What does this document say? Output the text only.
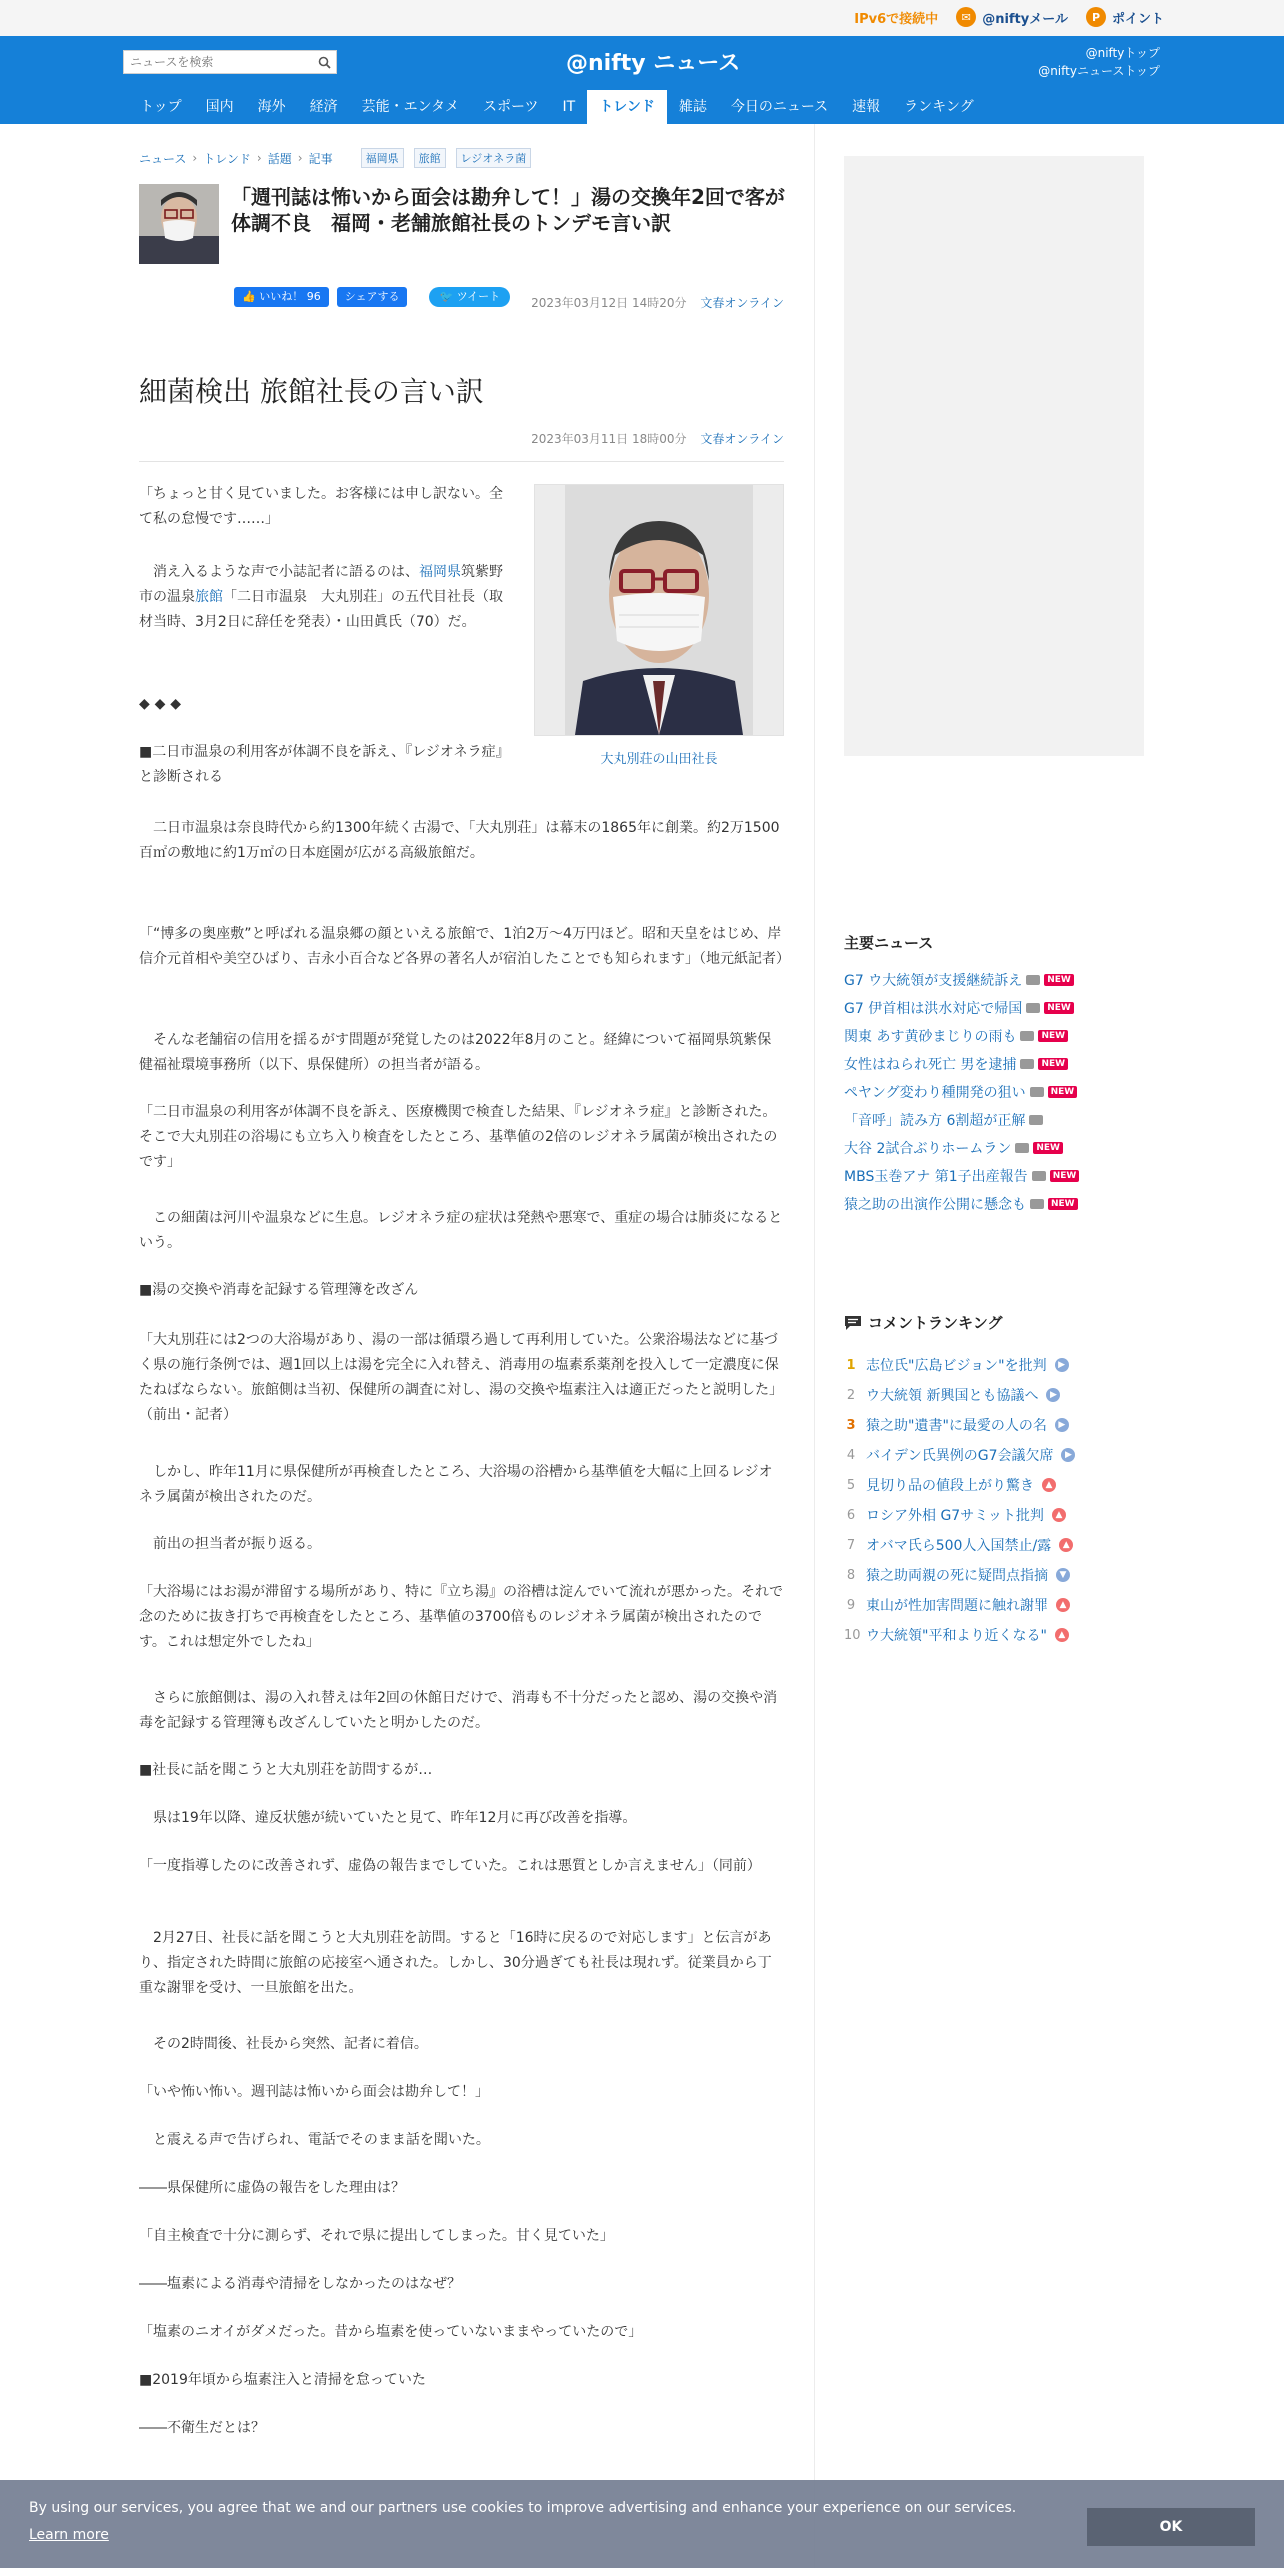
IPv6で接続中	✉ @niftyメール	P ポイント
ニュースを検索
@nifty ニュース	@niftyトップ
@niftyニューストップ
トップ	国内	海外	経済	芸能・エンタメ	スポーツ	IT	トレンド	雑誌	今日のニュース	速報	ランキング
ニュース › トレンド › 話題 › 記事	福岡県	旅館	レジオネラ菌
「週刊誌は怖いから面会は勘弁して！」湯の交換年2回で客が体調不良　福岡・老舗旅館社長のトンデモ言い訳
👍 いいね！ 96	シェアする	🐦 ツイート	2023年03月12日 14時20分 文春オンライン
細菌検出 旅館社長の言い訳
2023年03月11日 18時00分 文春オンライン
大丸別荘の山田社長

「ちょっと甘く見ていました。お客様には申し訳ない。全て私の怠慢です……」

　消え入るような声で小誌記者に語るのは、福岡県筑紫野市の温泉旅館「二日市温泉　大丸別荘」の五代目社長（取材当時、3月2日に辞任を発表）・山田眞氏（70）だ。

◆ ◆ ◆

■二日市温泉の利用客が体調不良を訴え、『レジオネラ症』と診断される

　二日市温泉は奈良時代から約1300年続く古湯で、「大丸別荘」は幕末の1865年に創業。約2万1500百㎡の敷地に約1万㎡の日本庭園が広がる高級旅館だ。

「“博多の奥座敷”と呼ばれる温泉郷の顔といえる旅館で、1泊2万〜4万円ほど。昭和天皇をはじめ、岸信介元首相や美空ひばり、吉永小百合など各界の著名人が宿泊したことでも知られます」（地元紙記者）

　そんな老舗宿の信用を揺るがす問題が発覚したのは2022年8月のこと。経緯について福岡県筑紫保健福祉環境事務所（以下、県保健所）の担当者が語る。

「二日市温泉の利用客が体調不良を訴え、医療機関で検査した結果、『レジオネラ症』と診断された。そこで大丸別荘の浴場にも立ち入り検査をしたところ、基準値の2倍のレジオネラ属菌が検出されたのです」

　この細菌は河川や温泉などに生息。レジオネラ症の症状は発熱や悪寒で、重症の場合は肺炎になるという。

■湯の交換や消毒を記録する管理簿を改ざん

「大丸別荘には2つの大浴場があり、湯の一部は循環ろ過して再利用していた。公衆浴場法などに基づく県の施行条例では、週1回以上は湯を完全に入れ替え、消毒用の塩素系薬剤を投入して一定濃度に保たねばならない。旅館側は当初、保健所の調査に対し、湯の交換や塩素注入は適正だったと説明した」（前出・記者）

　しかし、昨年11月に県保健所が再検査したところ、大浴場の浴槽から基準値を大幅に上回るレジオネラ属菌が検出されたのだ。

　前出の担当者が振り返る。

「大浴場にはお湯が滞留する場所があり、特に『立ち湯』の浴槽は淀んでいて流れが悪かった。それで念のために抜き打ちで再検査をしたところ、基準値の3700倍ものレジオネラ属菌が検出されたのです。これは想定外でしたね」

　さらに旅館側は、湯の入れ替えは年2回の休館日だけで、消毒も不十分だったと認め、湯の交換や消毒を記録する管理簿も改ざんしていたと明かしたのだ。

■社長に話を聞こうと大丸別荘を訪問するが…

　県は19年以降、違反状態が続いていたと見て、昨年12月に再び改善を指導。

「一度指導したのに改善されず、虚偽の報告までしていた。これは悪質としか言えません」（同前）

　2月27日、社長に話を聞こうと大丸別荘を訪問。すると「16時に戻るので対応します」と伝言があり、指定された時間に旅館の応接室へ通された。しかし、30分過ぎても社長は現れず。従業員から丁重な謝罪を受け、一旦旅館を出た。

　その2時間後、社長から突然、記者に着信。

「いや怖い怖い。週刊誌は怖いから面会は勘弁して！」

　と震える声で告げられ、電話でそのまま話を聞いた。

――県保健所に虚偽の報告をした理由は？

「自主検査で十分に測らず、それで県に提出してしまった。甘く見ていた」

――塩素による消毒や清掃をしなかったのはなぜ？

「塩素のニオイがダメだった。昔から塩素を使っていないままやっていたので」

■2019年頃から塩素注入と清掃を怠っていた

――不衛生だとは？

主要ニュース
G7 ウ大統領が支援継続訴え	NEW
G7 伊首相は洪水対応で帰国	NEW
関東 あす黄砂まじりの雨も	NEW
女性はねられ死亡 男を逮捕	NEW
ペヤング変わり種開発の狙い	NEW
「音呼」読み方 6割超が正解
大谷 2試合ぶりホームラン	NEW
MBS玉巻アナ 第1子出産報告	NEW
猿之助の出演作公開に懸念も	NEW
コメントランキング
1 志位氏"広島ビジョン"を批判	▶
2 ウ大統領 新興国とも協議へ	▶
3 猿之助"遺書"に最愛の人の名	▶
4 バイデン氏異例のG7会議欠席	▶
5 見切り品の値段上がり驚き	▲
6 ロシア外相 G7サミット批判	▲
7 オバマ氏ら500人入国禁止/露	▲
8 猿之助両親の死に疑問点指摘	▼
9 東山が性加害問題に触れ謝罪	▲
10 ウ大統領"平和より近くなる"	▲
By using our services, you agree that we and our partners use cookies to improve advertising and enhance your experience on our services.
Learn more	OK
